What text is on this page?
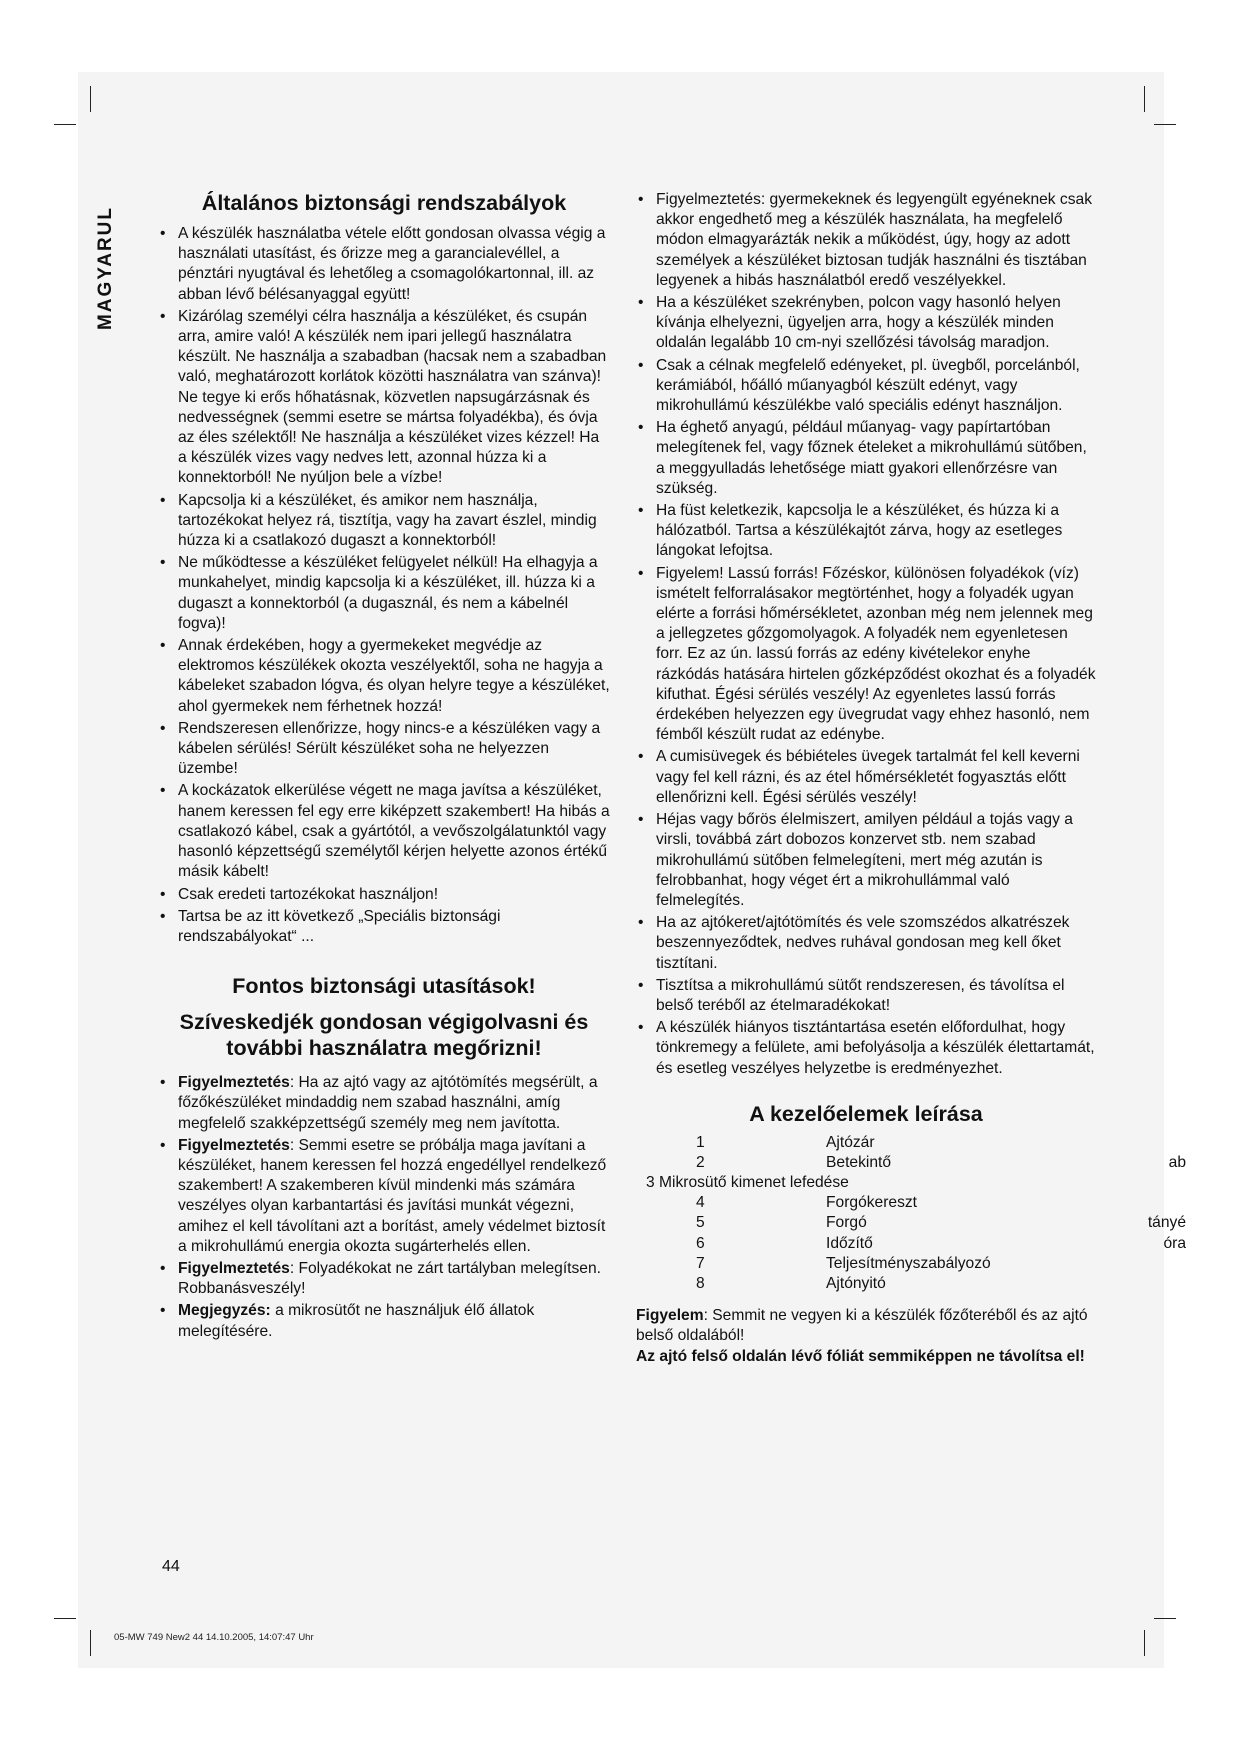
MAGYARUL
Általános biztonsági rendszabályok
• A készülék használatba vétele előtt gondosan olvassa végig a használati utasítást, és őrizze meg a garancialevéllel, a pénztári nyugtával és lehetőleg a csomagolókartonnal, ill. az abban lévő bélésanyaggal együtt!
• Kizárólag személyi célra használja a készüléket, és csupán arra, amire való! A készülék nem ipari jellegű használatra készült. Ne használja a szabadban (hacsak nem a szabadban való, meghatározott korlátok közötti használatra van szánva)! Ne tegye ki erős hőhatásnak, közvetlen napsugárzásnak és nedvességnek (semmi esetre se mártsa folyadékba), és óvja az éles szélektől! Ne használja a készüléket vizes kézzel! Ha a készülék vizes vagy nedves lett, azonnal húzza ki a konnektorból! Ne nyúljon bele a vízbe!
• Kapcsolja ki a készüléket, és amikor nem használja, tartozékokat helyez rá, tisztítja, vagy ha zavart észlel, mindig húzza ki a csatlakozó dugaszt a konnektorból!
• Ne működtesse a készüléket felügyelet nélkül! Ha elhagyja a munkahelyet, mindig kapcsolja ki a készüléket, ill. húzza ki a dugaszt a konnektorból (a dugasznál, és nem a kábelnél fogva)!
• Annak érdekében, hogy a gyermekeket megvédje az elektromos készülékek okozta veszélyektől, soha ne hagyja a kábeleket szabadon lógva, és olyan helyre tegye a készüléket, ahol gyermekek nem férhetnek hozzá!
• Rendszeresen ellenőrizze, hogy nincs-e a készüléken vagy a kábelen sérülés! Sérült készüléket soha ne helyezzen üzembe!
• A kockázatok elkerülése végett ne maga javítsa a készüléket, hanem keressen fel egy erre kiképzett szakembert! Ha hibás a csatlakozó kábel, csak a gyártótól, a vevőszolgálatunktól vagy hasonló képzettségű személytől kérjen helyette azonos értékű másik kábelt!
• Csak eredeti tartozékokat használjon!
• Tartsa be az itt következő „Speciális biztonsági rendszabályokat“ ...
Fontos biztonsági utasítások!
Szíveskedjék gondosan végigolvasni és további használatra megőrizni!
• Figyelmeztetés: Ha az ajtó vagy az ajtótömítés megsérült, a főzőkészüléket mindaddig nem szabad használni, amíg megfelelő szakképzettségű személy meg nem javította.
• Figyelmeztetés: Semmi esetre se próbálja maga javítani a készüléket, hanem keressen fel hozzá engedéllyel rendelkező szakembert! A szakemberen kívül mindenki más számára veszélyes olyan karbantartási és javítási munkát végezni, amihez el kell távolítani azt a borítást, amely védelmet biztosít a mikrohullámú energia okozta sugárterhelés ellen.
• Figyelmeztetés: Folyadékokat ne zárt tartályban melegítsen. Robbanásveszély!
• Megjegyzés: a mikrosütőt ne használjuk élő állatok melegítésére.
• Figyelmeztetés: gyermekeknek és legyengült egyéneknek csak akkor engedhető meg a készülék használata, ha megfelelő módon elmagyarázták nekik a működést, úgy, hogy az adott személyek a készüléket biztosan tudják használni és tisztában legyenek a hibás használatból eredő veszélyekkel.
• Ha a készüléket szekrényben, polcon vagy hasonló helyen kívánja elhelyezni, ügyeljen arra, hogy a készülék minden oldalán legalább 10 cm-nyi szellőzési távolság maradjon.
• Csak a célnak megfelelő edényeket, pl. üvegből, porcelánból, kerámiából, hőálló műanyagból készült edényt, vagy mikrohullámú készülékbe való speciális edényt használjon.
• Ha éghető anyagú, például műanyag- vagy papírtartóban melegítenek fel, vagy főznek ételeket a mikrohullámú sütőben, a meggyulladás lehetősége miatt gyakori ellenőrzésre van szükség.
• Ha füst keletkezik, kapcsolja le a készüléket, és húzza ki a hálózatból. Tartsa a készülékajtót zárva, hogy az esetleges lángokat lefojtsa.
• Figyelem! Lassú forrás! Főzéskor, különösen folyadékok (víz) ismételt felforralásakor megtörténhet, hogy a folyadék ugyan elérte a forrási hőmérsékletet, azonban még nem jelennek meg a jellegzetes gőzgomolyagok. A folyadék nem egyenletesen forr. Ez az ún. lassú forrás az edény kivételekor enyhe rázkódás hatására hirtelen gőzképződést okozhat és a folyadék kifuthat. Égési sérülés veszély! Az egyenletes lassú forrás érdekében helyezzen egy üvegrudat vagy ehhez hasonló, nem fémből készült rudat az edénybe.
• A cumisüvegek és bébiételes üvegek tartalmát fel kell keverni vagy fel kell rázni, és az étel hőmérsékletét fogyasztás előtt ellenőrizni kell. Égési sérülés veszély!
• Héjas vagy bőrös élelmiszert, amilyen például a tojás vagy a virsli, továbbá zárt dobozos konzervet stb. nem szabad mikrohullámú sütőben felmelegíteni, mert még azután is felrobbanhat, hogy véget ért a mikrohullámmal való felmelegítés.
• Ha az ajtókeret/ajtótömítés és vele szomszédos alkatrészek beszennyeződtek, nedves ruhával gondosan meg kell őket tisztítani.
• Tisztítsa a mikrohullámú sütőt rendszeresen, és távolítsa el belső teréből az ételmaradékokat!
• A készülék hiányos tisztántartása esetén előfordulhat, hogy tönkremegy a felülete, ami befolyásolja a készülék élettartamát, és esetleg veszélyes helyzetbe is eredményezhet.
A kezelőelemek leírása
1	Ajtózár
2	Betekintő	ab
3 Mikrosütő kimenet lefedése
4	Forgókereszt
5	Forgó	tányé
6	Időzítő	óra
7	Teljesítményszabályozó
8	Ajtónyitó

Figyelem: Semmit ne vegyen ki a készülék főzőteréből és az ajtó belső oldalából!

Az ajtó felső oldalán lévő fóliát semmiképpen ne távolítsa el!

44
05-MW 749 New2 44 14.10.2005, 14:07:47 Uhr
